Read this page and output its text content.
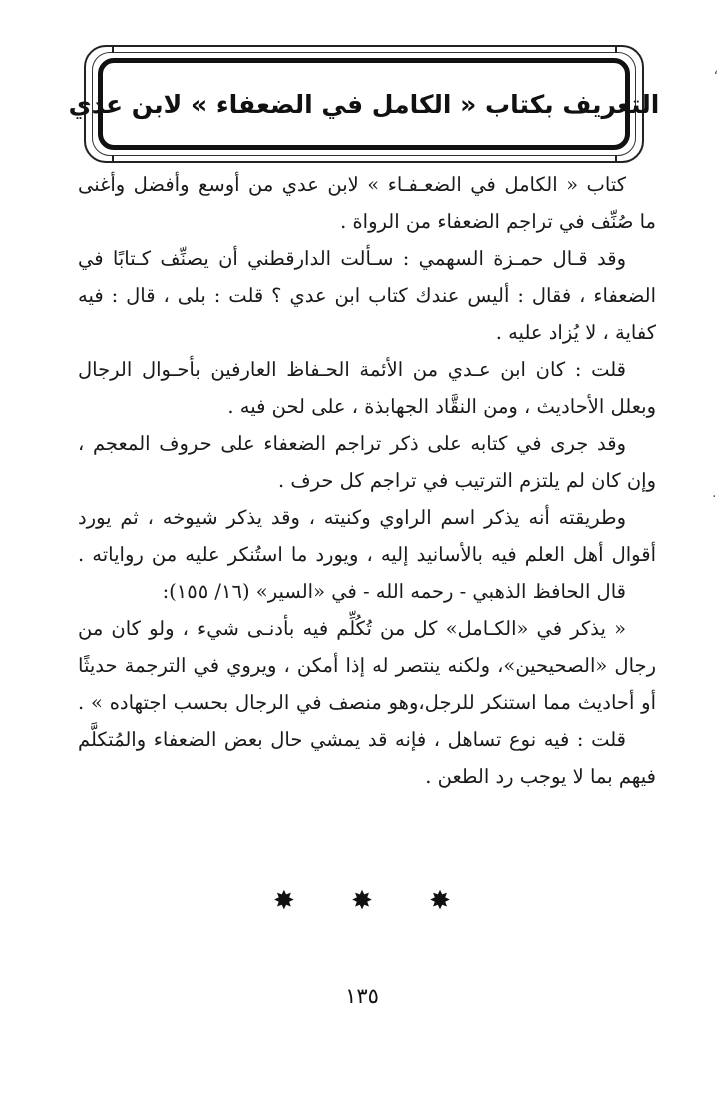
التعريف بكتاب « الكامل في الضعفاء » لابن عدي
كتاب « الكامل في الضعـفـاء » لابن عدي من أوسع وأفضل وأغنى
ما صُنِّف في تراجم الضعفاء من الرواة .
وقد قـال حمـزة السهمي : سـألت الدارقطني أن يصنِّف كـتابًا في
الضعفاء ، فقال : أليس عندك كتاب ابن عدي ؟ قلت : بلى ، قال : فيه
كفاية ، لا يُزاد عليه .
قلت : كان ابن عـدي من الأئمة الحـفاظ العارفين بأحـوال الرجال
وبعلل الأحاديث ، ومن النقَّاد الجهابذة ، على لحن فيه .
وقد جرى في كتابه على ذكر تراجم الضعفاء على حروف المعجم ،
وإن كان لم يلتزم الترتيب في تراجم كل حرف .
وطريقته أنه يذكر اسم الراوي وكنيته ، وقد يذكر شيوخه ، ثم يورد
أقوال أهل العلم فيه بالأسانيد إليه ، ويورد ما استُنكر عليه من رواياته .
قال الحافظ الذهبي - رحمه الله - في «السير» (١٦/ ١٥٥):
« يذكر في «الكـامل» كل من تُكُلِّم فيه بأدنـى شيء ، ولو كان من
رجال «الصحيحين»، ولكنه ينتصر له إذا أمكن ، ويروي في الترجمة حديثًا
أو أحاديث مما استنكر للرجل،وهو منصف في الرجال بحسب اجتهاده » .
قلت : فيه نوع تساهل ، فإنه قد يمشي حال بعض الضعفاء والمُتكلَّم
فيهم بما لا يوجب رد الطعن .
✸ ✸ ✸
١٣٥
،
٠
